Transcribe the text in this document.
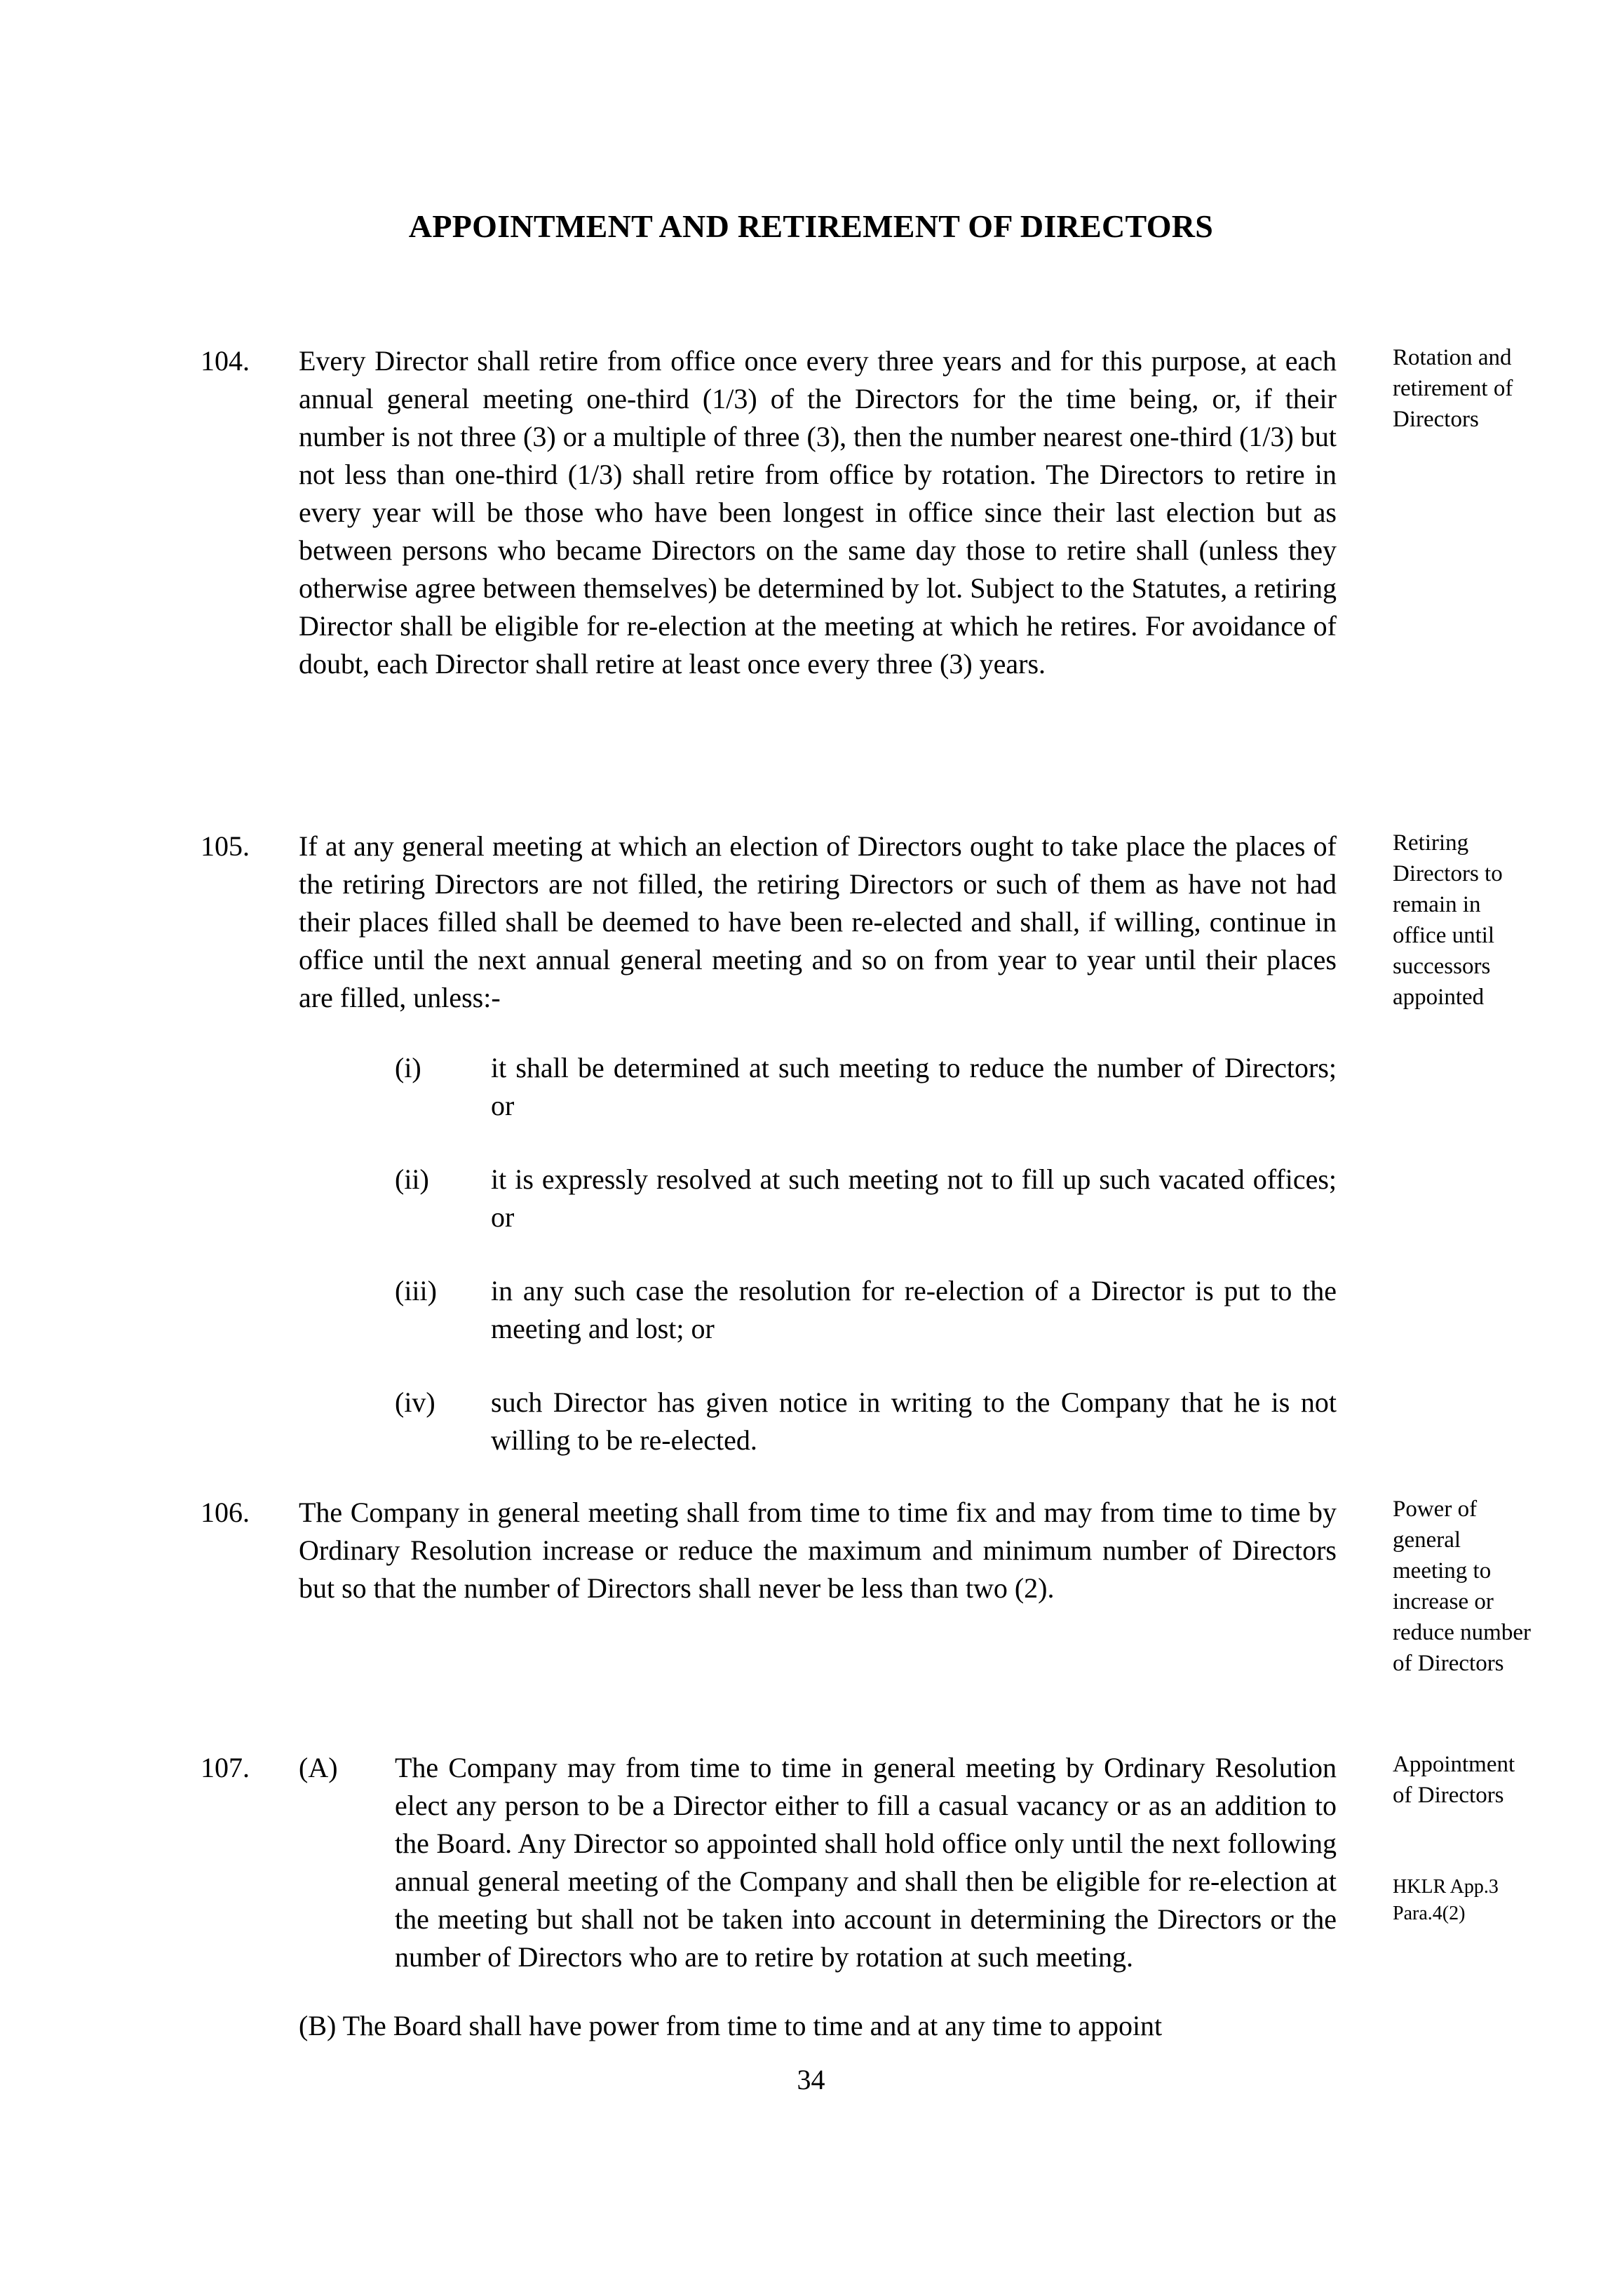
APPOINTMENT AND RETIREMENT OF DIRECTORS
104. Every Director shall retire from office once every three years and for this purpose, at each annual general meeting one-third (1/3) of the Directors for the time being, or, if their number is not three (3) or a multiple of three (3), then the number nearest one-third (1/3) but not less than one-third (1/3) shall retire from office by rotation. The Directors to retire in every year will be those who have been longest in office since their last election but as between persons who became Directors on the same day those to retire shall (unless they otherwise agree between themselves) be determined by lot. Subject to the Statutes, a retiring Director shall be eligible for re-election at the meeting at which he retires. For avoidance of doubt, each Director shall retire at least once every three (3) years.
Rotation and retirement of Directors
105. If at any general meeting at which an election of Directors ought to take place the places of the retiring Directors are not filled, the retiring Directors or such of them as have not had their places filled shall be deemed to have been re-elected and shall, if willing, continue in office until the next annual general meeting and so on from year to year until their places are filled, unless:-
Retiring Directors to remain in office until successors appointed
(i) it shall be determined at such meeting to reduce the number of Directors; or
(ii) it is expressly resolved at such meeting not to fill up such vacated offices; or
(iii) in any such case the resolution for re-election of a Director is put to the meeting and lost; or
(iv) such Director has given notice in writing to the Company that he is not willing to be re-elected.
106. The Company in general meeting shall from time to time fix and may from time to time by Ordinary Resolution increase or reduce the maximum and minimum number of Directors but so that the number of Directors shall never be less than two (2).
Power of general meeting to increase or reduce number of Directors
107. (A) The Company may from time to time in general meeting by Ordinary Resolution elect any person to be a Director either to fill a casual vacancy or as an addition to the Board. Any Director so appointed shall hold office only until the next following annual general meeting of the Company and shall then be eligible for re-election at the meeting but shall not be taken into account in determining the Directors or the number of Directors who are to retire by rotation at such meeting.
Appointment of Directors
HKLR App.3 Para.4(2)
(B) The Board shall have power from time to time and at any time to appoint
34
